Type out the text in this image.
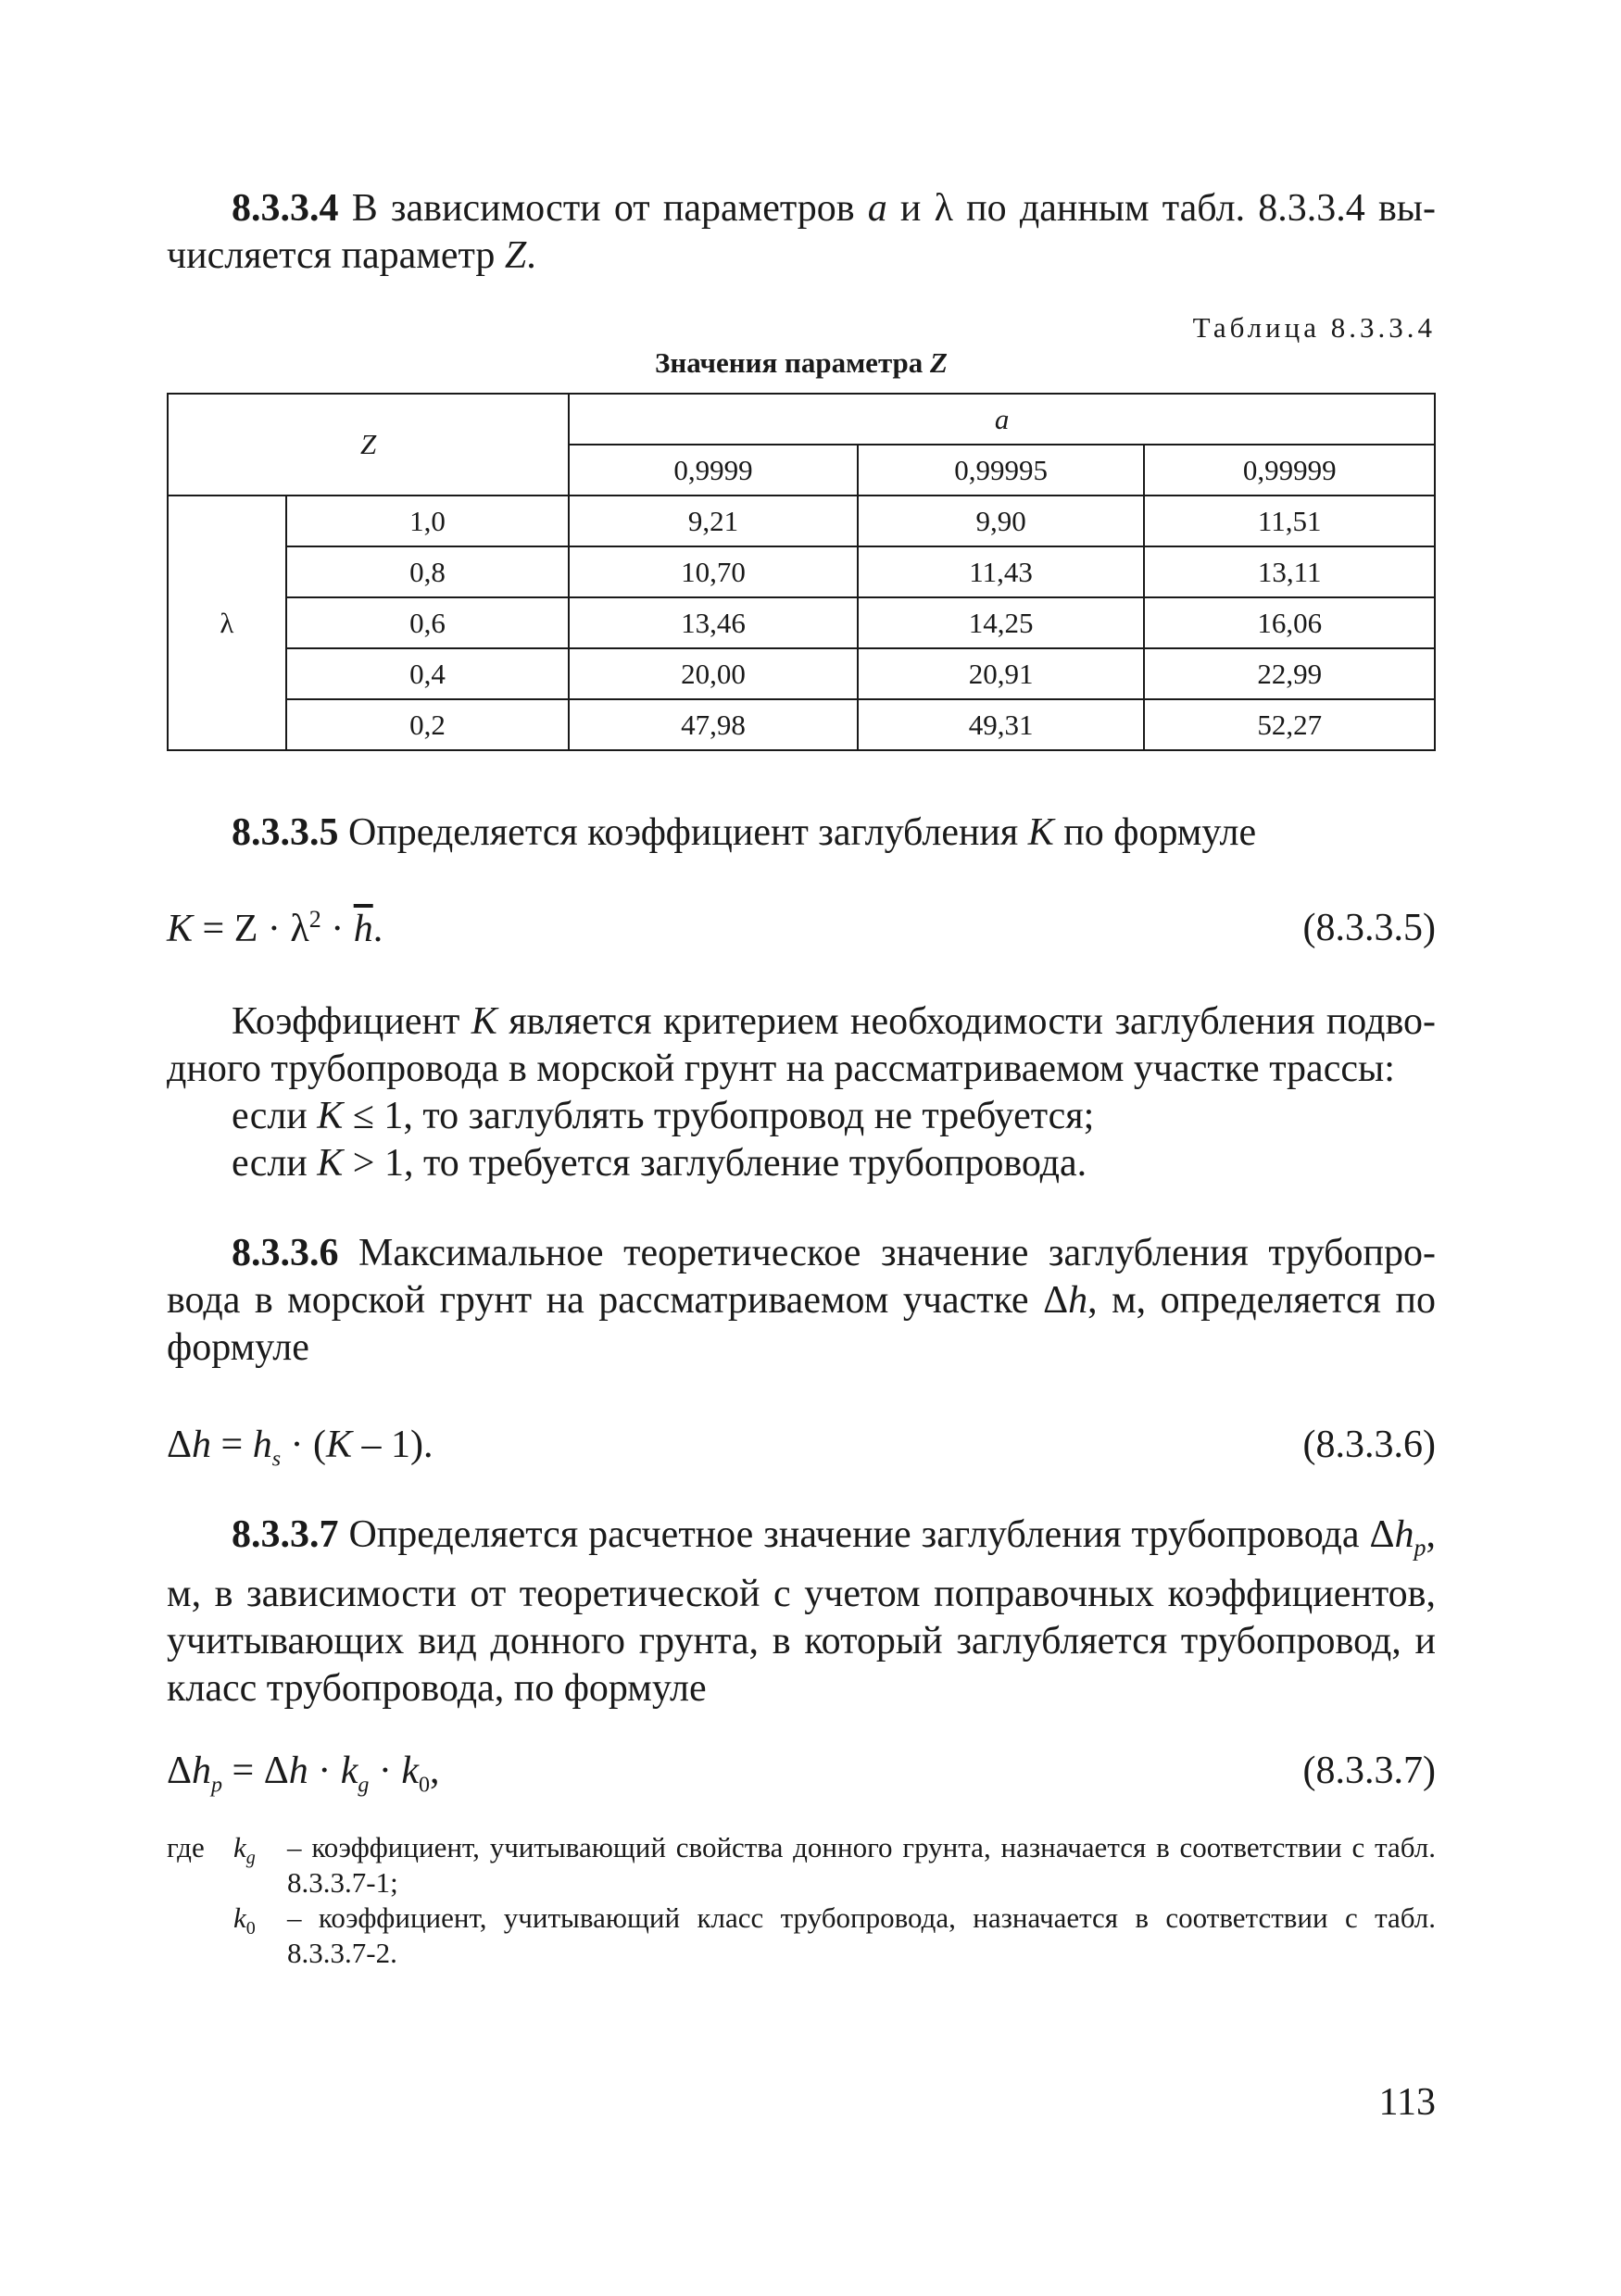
8.3.3.4 В зависимости от параметров а и λ по данным табл. 8.3.3.4 вы-числяется параметр Z.

Таблица 8.3.3.4
Значения параметра Z
Z		a		
		0,9999	0,99995	0,99999
λ	1,0	9,21	9,90	11,51
	0,8	10,70	11,43	13,11
	0,6	13,46	14,25	16,06
	0,4	20,00	20,91	22,99
	0,2	47,98	49,31	52,27

8.3.3.5 Определяется коэффициент заглубления K по формуле

$K = Z \cdot \lambda^2 \cdot \overline{h}$.	(8.3.3.5)

Коэффициент K является критерием необходимости заглубления подво-дного трубопровода в морской грунт на рассматриваемом участке трассы:

если K ≤ 1, то заглублять трубопровод не требуется;

если K > 1, то требуется заглубление трубопровода.

8.3.3.6 Максимальное теоретическое значение заглубления трубопро-вода в морской грунт на рассматриваемом участке Δh, м, определяется по формуле

$\Delta h = h_s \cdot (K - 1)$.	(8.3.3.6)

8.3.3.7 Определяется расчетное значение заглубления трубопровода $\Delta h_p$, м, в зависимости от теоретической с учетом поправочных коэффициентов, учитывающих вид донного грунта, в который заглубляется трубопровод, и класс трубопровода, по формуле

$\Delta h_p = \Delta h \cdot k_g \cdot k_0$,	(8.3.3.7)
где $k_g$ – коэффициент, учитывающий свойства донного грунта, назначается в соответствии с табл. 8.3.3.7-1;
$k_0$ – коэффициент, учитывающий класс трубопровода, назначается в соответствии с табл. 8.3.3.7-2.
113
